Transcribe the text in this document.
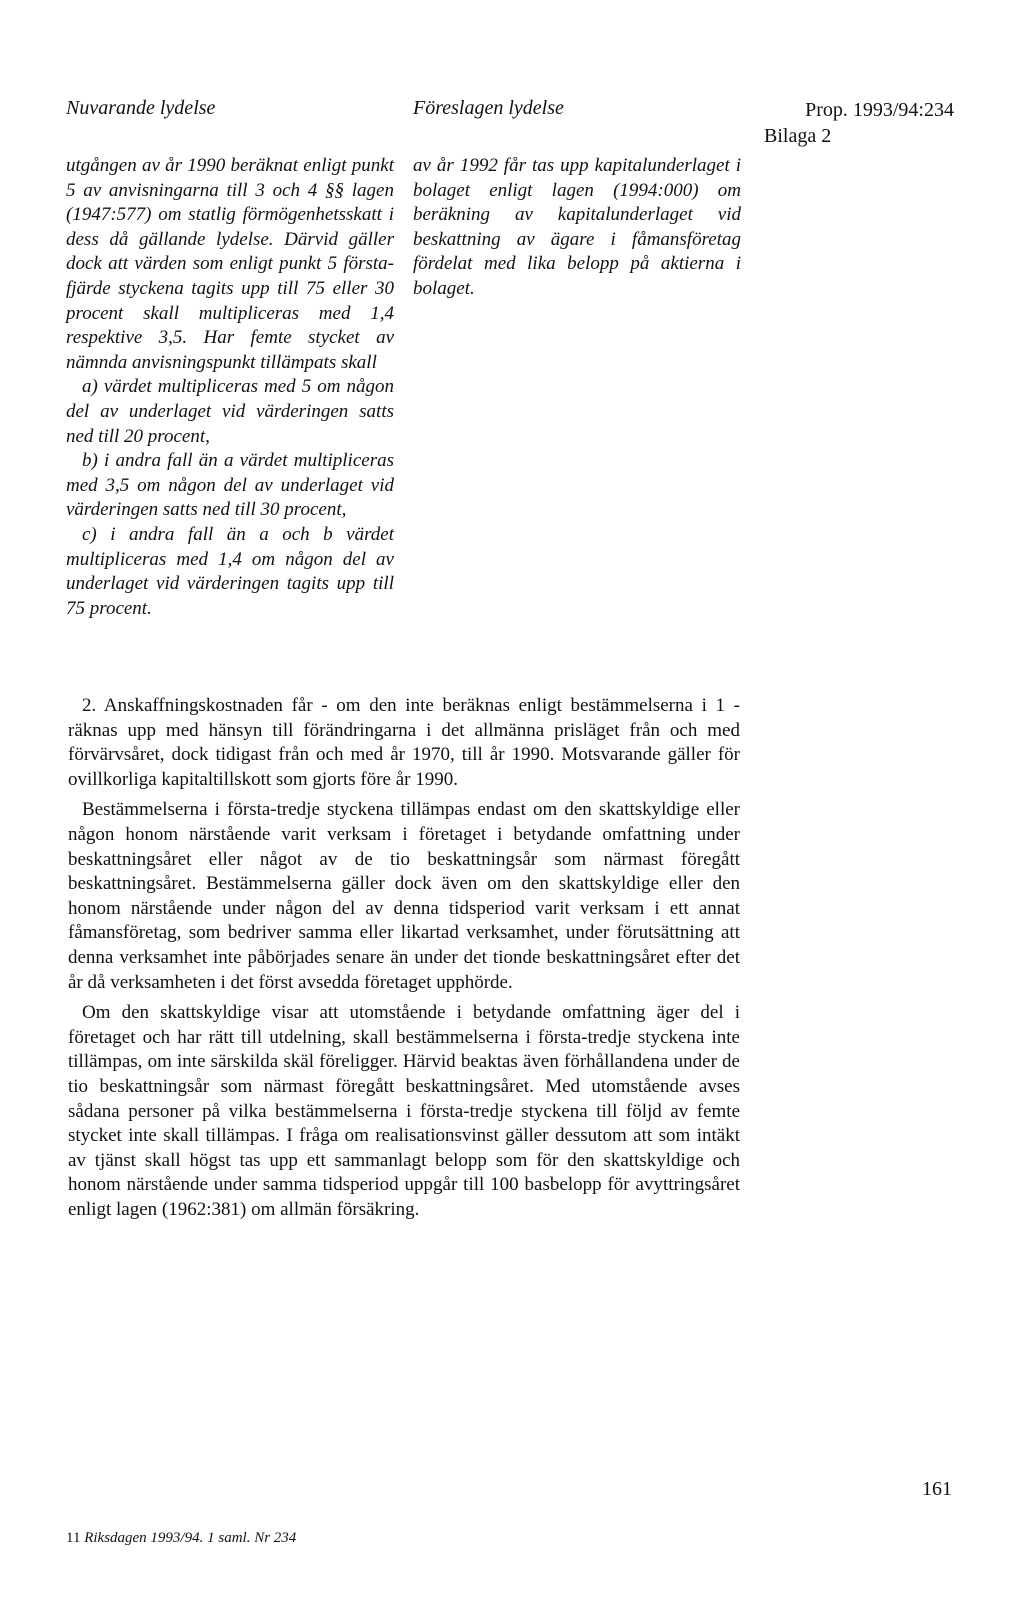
Nuvarande lydelse	Föreslagen lydelse	Prop. 1993/94:234
Bilaga 2

utgången av år 1990 beräknat enligt punkt 5 av anvisningarna till 3 och 4 §§ lagen (1947:577) om statlig förmögenhetsskatt i dess då gällande lydelse. Därvid gäller dock att värden som enligt punkt 5 första-fjärde styckena tagits upp till 75 eller 30 procent skall multipliceras med 1,4 respektive 3,5. Har femte stycket av nämnda anvisningspunkt tillämpats skall

a) värdet multipliceras med 5 om någon del av underlaget vid värderingen satts ned till 20 procent,

b) i andra fall än a värdet multipliceras med 3,5 om någon del av underlaget vid värderingen satts ned till 30 procent,

c) i andra fall än a och b värdet multipliceras med 1,4 om någon del av underlaget vid värderingen tagits upp till 75 procent.

av år 1992 får tas upp kapitalunderlaget i bolaget enligt lagen (1994:000) om beräkning av kapitalunderlaget vid beskattning av ägare i fåmansföretag fördelat med lika belopp på aktierna i bolaget.

2. Anskaffningskostnaden får - om den inte beräknas enligt bestämmelserna i 1 - räknas upp med hänsyn till förändringarna i det allmänna prisläget från och med förvärvsåret, dock tidigast från och med år 1970, till år 1990. Motsvarande gäller för ovillkorliga kapitaltillskott som gjorts före år 1990.

Bestämmelserna i första-tredje styckena tillämpas endast om den skattskyldige eller någon honom närstående varit verksam i företaget i betydande omfattning under beskattningsåret eller något av de tio beskattningsår som närmast föregått beskattningsåret. Bestämmelserna gäller dock även om den skattskyldige eller den honom närstående under någon del av denna tidsperiod varit verksam i ett annat fåmansföretag, som bedriver samma eller likartad verksamhet, under förutsättning att denna verksamhet inte påbörjades senare än under det tionde beskattningsåret efter det år då verksamheten i det först avsedda företaget upphörde.

Om den skattskyldige visar att utomstående i betydande omfattning äger del i företaget och har rätt till utdelning, skall bestämmelserna i första-tredje styckena inte tillämpas, om inte särskilda skäl föreligger. Härvid beaktas även förhållandena under de tio beskattningsår som närmast föregått beskattningsåret. Med utomstående avses sådana personer på vilka bestämmelserna i första-tredje styckena till följd av femte stycket inte skall tillämpas. I fråga om realisationsvinst gäller dessutom att som intäkt av tjänst skall högst tas upp ett sammanlagt belopp som för den skattskyldige och honom närstående under samma tidsperiod uppgår till 100 basbelopp för avyttringsåret enligt lagen (1962:381) om allmän försäkring.

161
11 Riksdagen 1993/94. 1 saml. Nr 234
